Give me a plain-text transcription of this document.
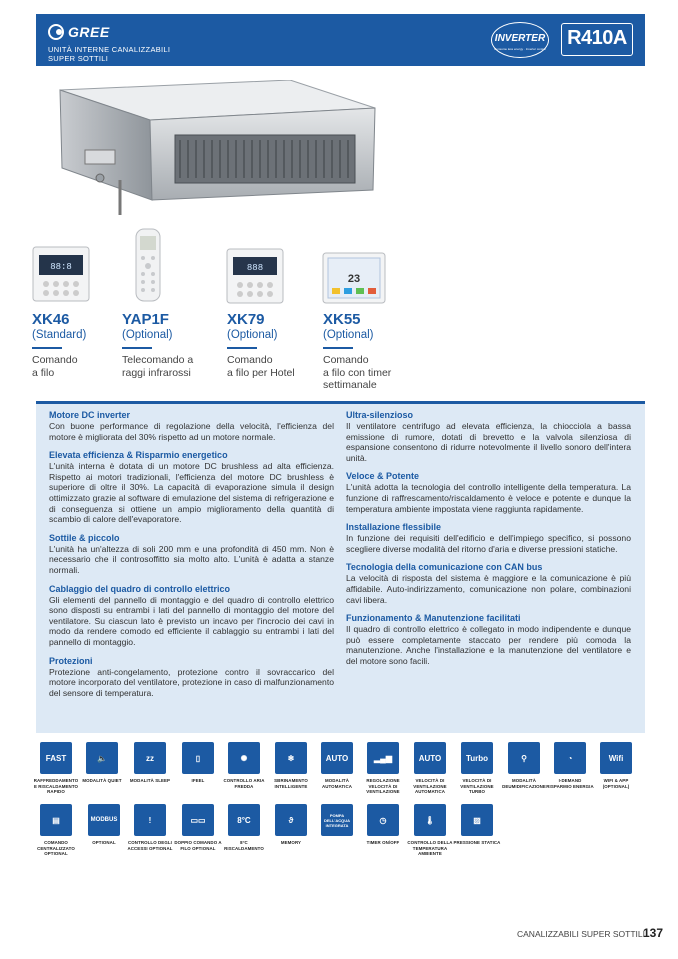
GREE
UNITÀ INTERNE CANALIZZABILI
SUPER SOTTILI
INVERTER
Consume less energy · Inverter control	R410A
88:8	888
23
XK46
(Standard)
Comando
a filo
YAP1F
(Optional)
Telecomando a
raggi infrarossi
XK79
(Optional)
Comando
a filo per Hotel
XK55
(Optional)
Comando
a filo con timer
settimanale
Motore DC inverter
Con buone performance di regolazione della velocità, l'efficienza del motore è migliorata del 30% rispetto ad un motore normale.
Elevata efficienza & Risparmio energetico
L'unità interna è dotata di un motore DC brushless ad alta efficienza. Rispetto ai motori tradizionali, l'efficienza del motore DC brushless è superiore di oltre il 30%. La capacità di evaporazione simula il design ottimizzato grazie al software di emulazione del sistema di refrigerazione e di conseguenza si ottiene un ampio miglioramento della quantità di scambio di calore dell'evaporatore.
Sottile & piccolo
L'unità ha un'altezza di soli 200 mm e una profondità di 450 mm. Non è necessario che il controsoffitto sia molto alto. L'unità è adatta a stanze normali.
Cablaggio del quadro di controllo elettrico
Gli elementi del pannello di montaggio e del quadro di controllo elettrico sono disposti su entrambi i lati del pannello di montaggio del motore del ventilatore. Su ciascun lato è previsto un incavo per l'incrocio dei cavi in modo da rendere comodo ed efficiente il cablaggio su entrambi i lati del pannello di montaggio.
Protezioni
Protezione anti-congelamento, protezione contro il sovraccarico del motore incorporato del ventilatore, protezione in caso di malfunzionamento del sensore di temperatura.
Ultra-silenzioso
Il ventilatore centrifugo ad elevata efficienza, la chiocciola a bassa emissione di rumore, dotati di brevetto e la valvola silenziosa di espansione consentono di ridurre notevolmente il livello sonoro dell'intera unità.
Veloce & Potente
L'unità adotta la tecnologia del controllo intelligente della temperatura. La funzione di raffrescamento/riscaldamento è veloce e potente e dunque la temperatura ambiente impostata viene raggiunta rapidamente.
Installazione flessibile
In funzione dei requisiti dell'edificio e dell'impiego specifico, si possono scegliere diverse modalità del ritorno d'aria e diverse pressioni statiche.
Tecnologia della comunicazione con CAN bus
La velocità di risposta del sistema è maggiore e la comunicazione è più affidabile. Auto-indirizzamento, comunicazione non polare, combinazioni cavi libera.
Funzionamento & Manutenzione facilitati
Il quadro di controllo elettrico è collegato in modo indipendente e dunque può essere completamente staccato per rendere più comoda la manutenzione. Anche l'installazione e la manutenzione del ventilatore e del motore sono facili.
FAST
RAFFREDDAMENTO E RISCALDAMENTO RAPIDO
🔈
MODALITÀ QUIET
zz
MODALITÀ SLEEP
▯
IFEEL
✺
CONTROLLO ARIA FREDDA
❄
SBRINAMENTO INTELLIGENTE
AUTO
MODALITÀ AUTOMATICA
▂▄▆
REGOLAZIONE VELOCITÀ DI VENTILAZIONE
AUTO
VELOCITÀ DI VENTILAZIONE AUTOMATICA
Turbo
VELOCITÀ DI VENTILAZIONE TURBO
⚲
MODALITÀ DEUMIDIFICAZIONE
◔
I-DEMAND RISPARMIO ENERGIA
Wifi
WIFI & APP (OPTIONAL)
▤
COMANDO CENTRALIZZATO OPTIONAL
MODBUS
OPTIONAL
!
CONTROLLO DEGLI ACCESSI OPTIONAL
▭▭
DOPPIO COMANDO A FILO OPTIONAL
8°C
8°C RISCALDAMENTO
ϑ
MEMORY
POMPA DELL'ACQUA INTEGRATA
◷
TIMER ON/OFF
🌡
CONTROLLO DELLA TEMPERATURA AMBIENTE
▨
PRESSIONE STATICA
CANALIZZABILI SUPER SOTTILI
137
